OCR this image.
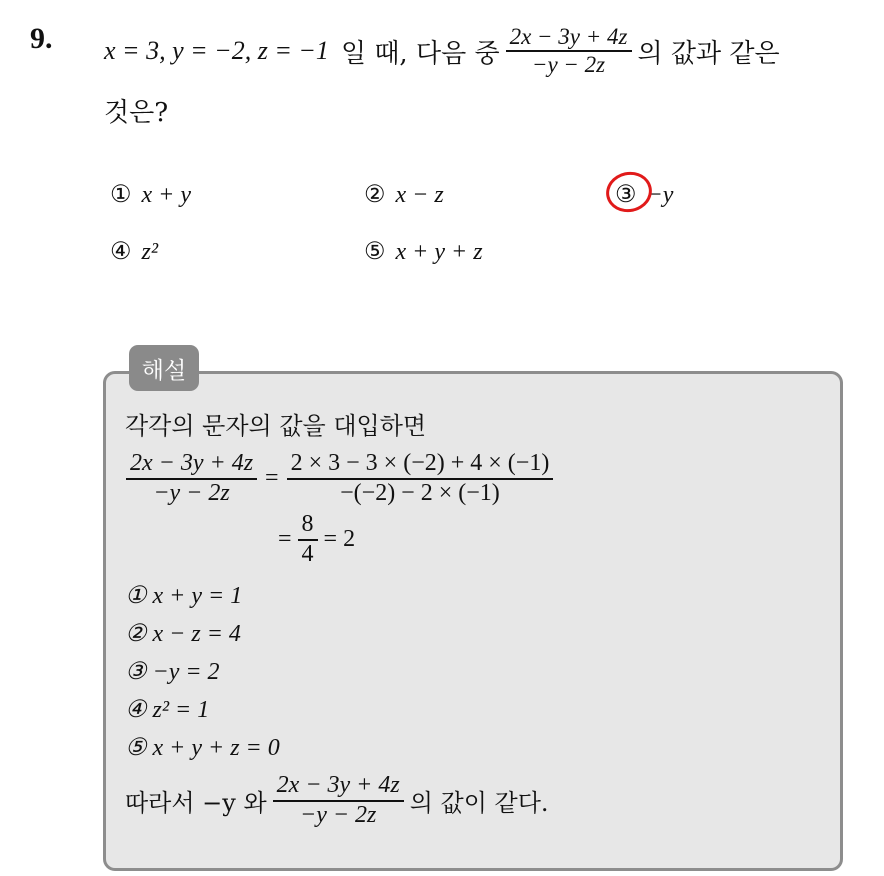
9. x = 3, y = −2, z = −1 일 때, 다음 중 $\frac{2x - 3y + 4z}{-y - 2z}$ 의 값과 같은
것은?
① x + y	② x − z	③ −y
④ z²	⑤ x + y + z
해설
각각의 문자의 값을 대입하면
$\frac{2x - 3y + 4z}{-y - 2z} = \frac{2 \times 3 - 3 \times (-2) + 4 \times (-1)}{-(-2) - 2 \times (-1)}$
= $\frac{8}{4} = 2$
① x + y = 1
② x − z = 4
③ −y = 2
④ z² = 1
⑤ x + y + z = 0
따라서 −y 와 $\frac{2x - 3y + 4z}{-y - 2z}$ 의 값이 같다.
